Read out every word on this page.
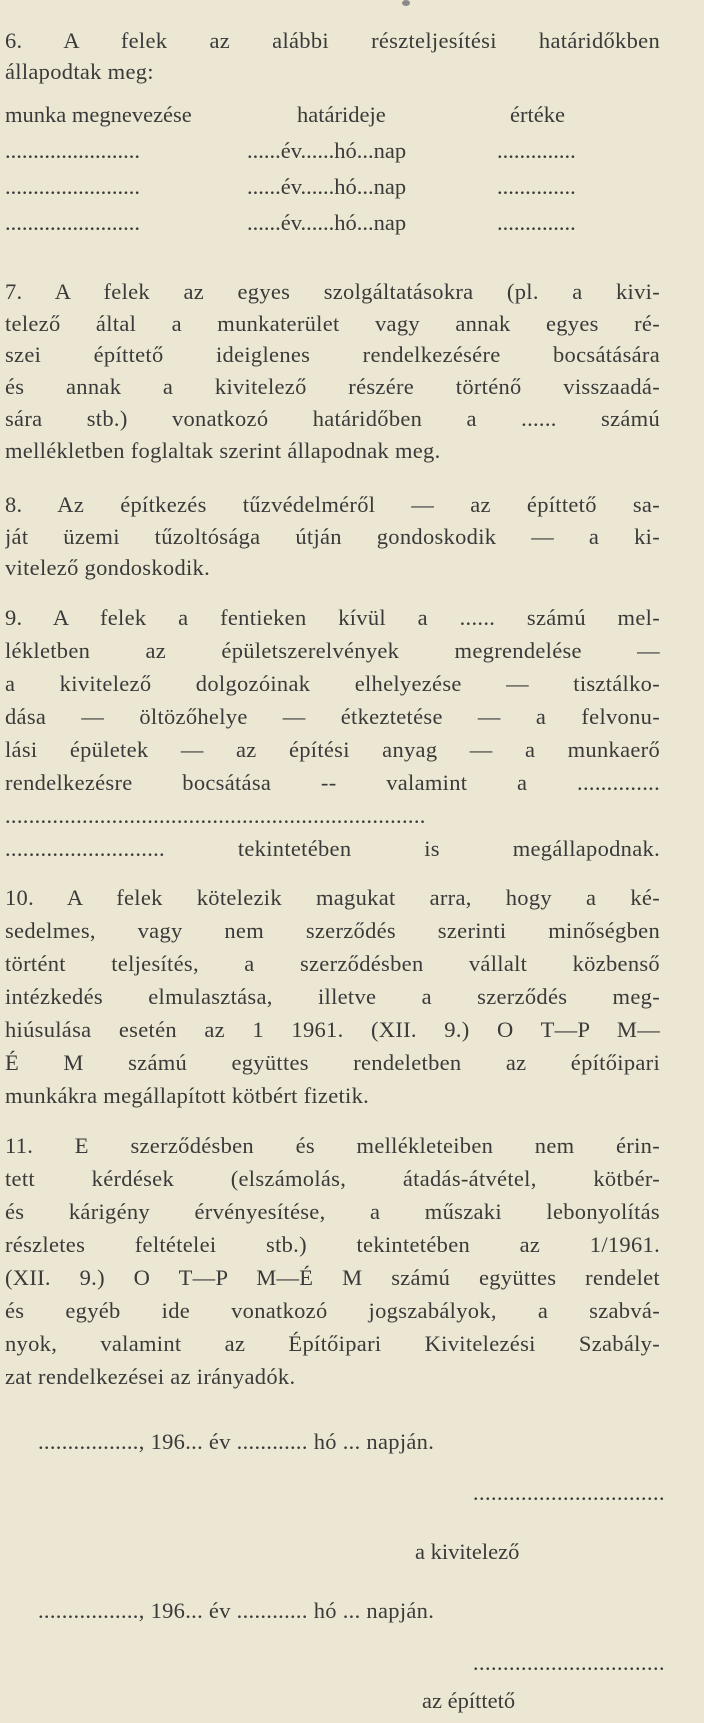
6. A felek az alábbi részteljesítési határidőkben
állapodtak meg:
munka megnevezése	határideje	értéke
........................	......év......hó...nap	..............
........................	......év......hó...nap	..............
........................	......év......hó...nap	..............
7. A felek az egyes szolgáltatásokra (pl. a kivi-
telező által a munkaterület vagy annak egyes ré-
szei építtető ideiglenes rendelkezésére bocsátására
és annak a kivitelező részére történő visszaadá-
sára stb.) vonatkozó határidőben a ...... számú
mellékletben foglaltak szerint állapodnak meg.
8. Az építkezés tűzvédelméről — az építtető sa-
ját üzemi tűzoltósága útján gondoskodik — a ki-
vitelező gondoskodik.
9. A felek a fentieken kívül a ...... számú mel-
lékletben az épületszerelvények megrendelése —
a kivitelező dolgozóinak elhelyezése — tisztálko-
dása — öltözőhelye — étkeztetése — a felvonu-
lási épületek — az építési anyag — a munkaerő
rendelkezésre bocsátása -- valamint a ..............
.......................................................................
........................... tekintetében is megállapodnak.
10. A felek kötelezik magukat arra, hogy a ké-
sedelmes, vagy nem szerződés szerinti minőségben
történt teljesítés, a szerződésben vállalt közbenső
intézkedés elmulasztása, illetve a szerződés meg-
hiúsulása esetén az 1 1961. (XII. 9.) O T—P M—
É M számú együttes rendeletben az építőipari
munkákra megállapított kötbért fizetik.
11. E szerződésben és mellékleteiben nem érin-
tett kérdések (elszámolás, átadás-átvétel, kötbér-
és kárigény érvényesítése, a műszaki lebonyolítás
részletes feltételei stb.) tekintetében az 1/1961.
(XII. 9.) O T—P M—É M számú együttes rendelet
és egyéb ide vonatkozó jogszabályok, a szabvá-
nyok, valamint az Építőipari Kivitelezési Szabály-
zat rendelkezései az irányadók.
................., 196... év ............ hó ... napján.
................................
a kivitelező
................., 196... év ............ hó ... napján.
................................
az építtető
